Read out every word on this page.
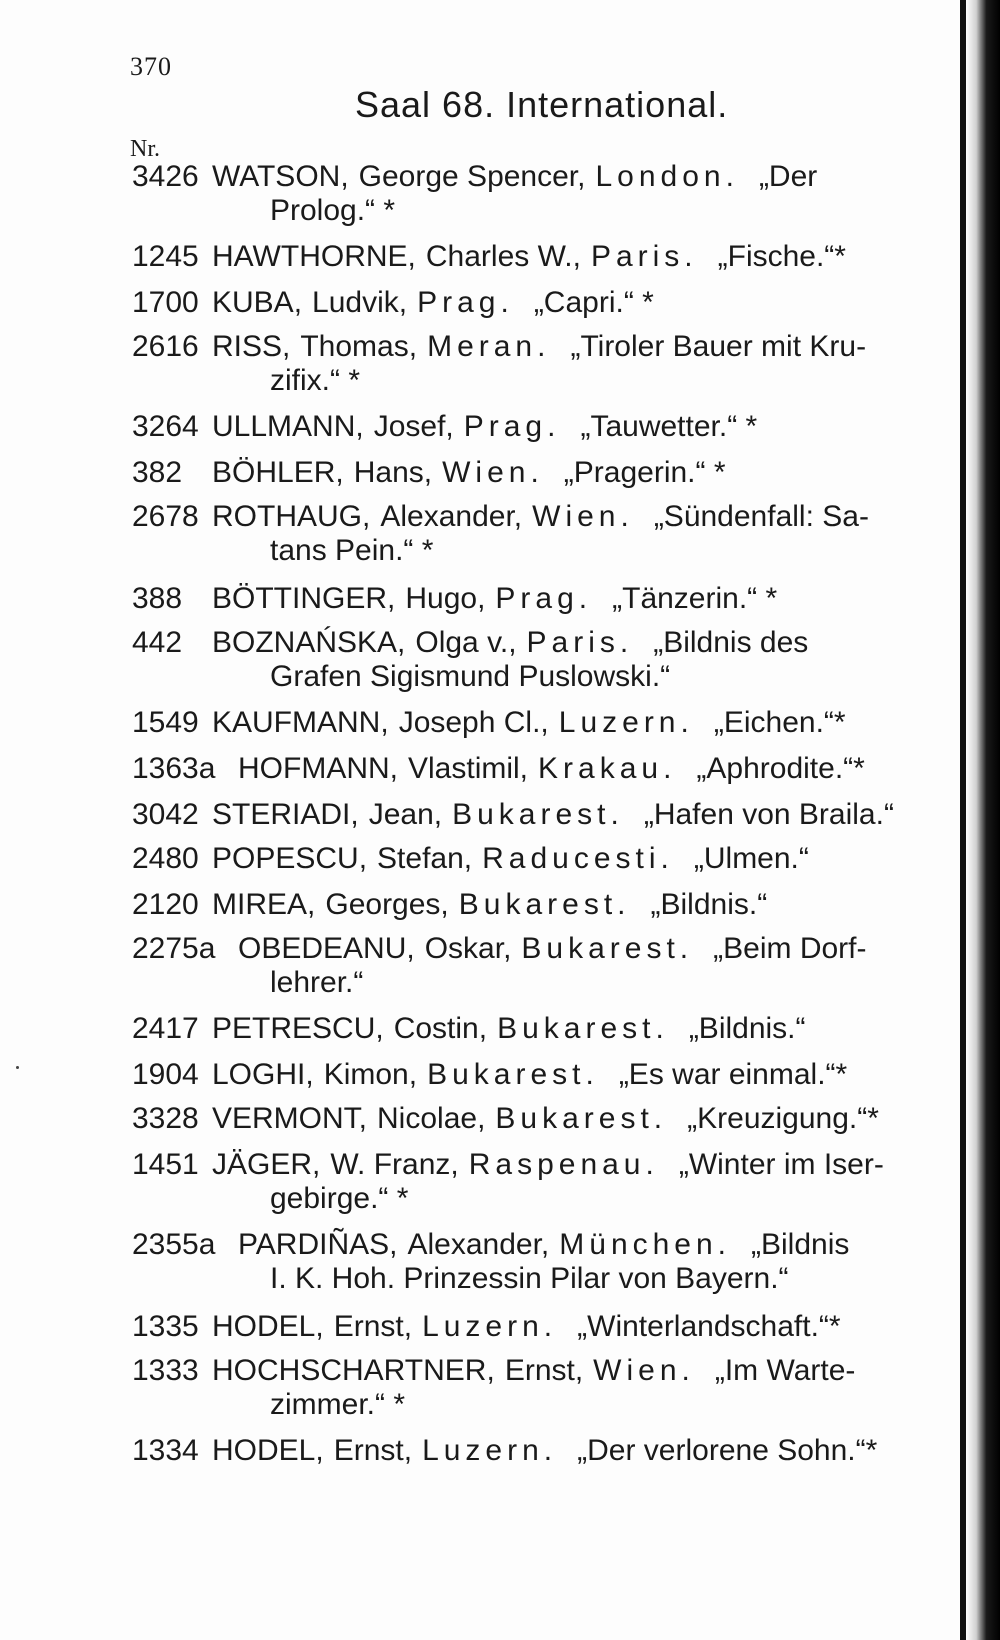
370
Saal 68. International.
Nr.
3426 WATSON, George Spencer, London. „Der
Prolog.“ *
1245 HAWTHORNE, Charles W., Paris. „Fische.“*
1700 KUBA, Ludvik, Prag. „Capri.“ *
2616 RISS, Thomas, Meran. „Tiroler Bauer mit Kru-
zifix.“ *
3264 ULLMANN, Josef, Prag. „Tauwetter.“ *
382 BÖHLER, Hans, Wien. „Pragerin.“ *
2678 ROTHAUG, Alexander, Wien. „Sündenfall: Sa-
tans Pein.“ *
388 BÖTTINGER, Hugo, Prag. „Tänzerin.“ *
442 BOZNAŃSKA, Olga v., Paris. „Bildnis des
Grafen Sigismund Puslowski.“
1549 KAUFMANN, Joseph Cl., Luzern. „Eichen.“*
1363a HOFMANN, Vlastimil, Krakau. „Aphrodite.“*
3042 STERIADI, Jean, Bukarest. „Hafen von Braila.“
2480 POPESCU, Stefan, Raducesti. „Ulmen.“
2120 MIREA, Georges, Bukarest. „Bildnis.“
2275a OBEDEANU, Oskar, Bukarest. „Beim Dorf-
lehrer.“
2417 PETRESCU, Costin, Bukarest. „Bildnis.“
1904 LOGHI, Kimon, Bukarest. „Es war einmal.“*
3328 VERMONT, Nicolae, Bukarest. „Kreuzigung.“*
1451 JÄGER, W. Franz, Raspenau. „Winter im Iser-
gebirge.“ *
2355a PARDIÑAS, Alexander, München. „Bildnis
I. K. Hoh. Prinzessin Pilar von Bayern.“
1335 HODEL, Ernst, Luzern. „Winterlandschaft.“*
1333 HOCHSCHARTNER, Ernst, Wien. „Im Warte-
zimmer.“ *
1334 HODEL, Ernst, Luzern. „Der verlorene Sohn.“*
